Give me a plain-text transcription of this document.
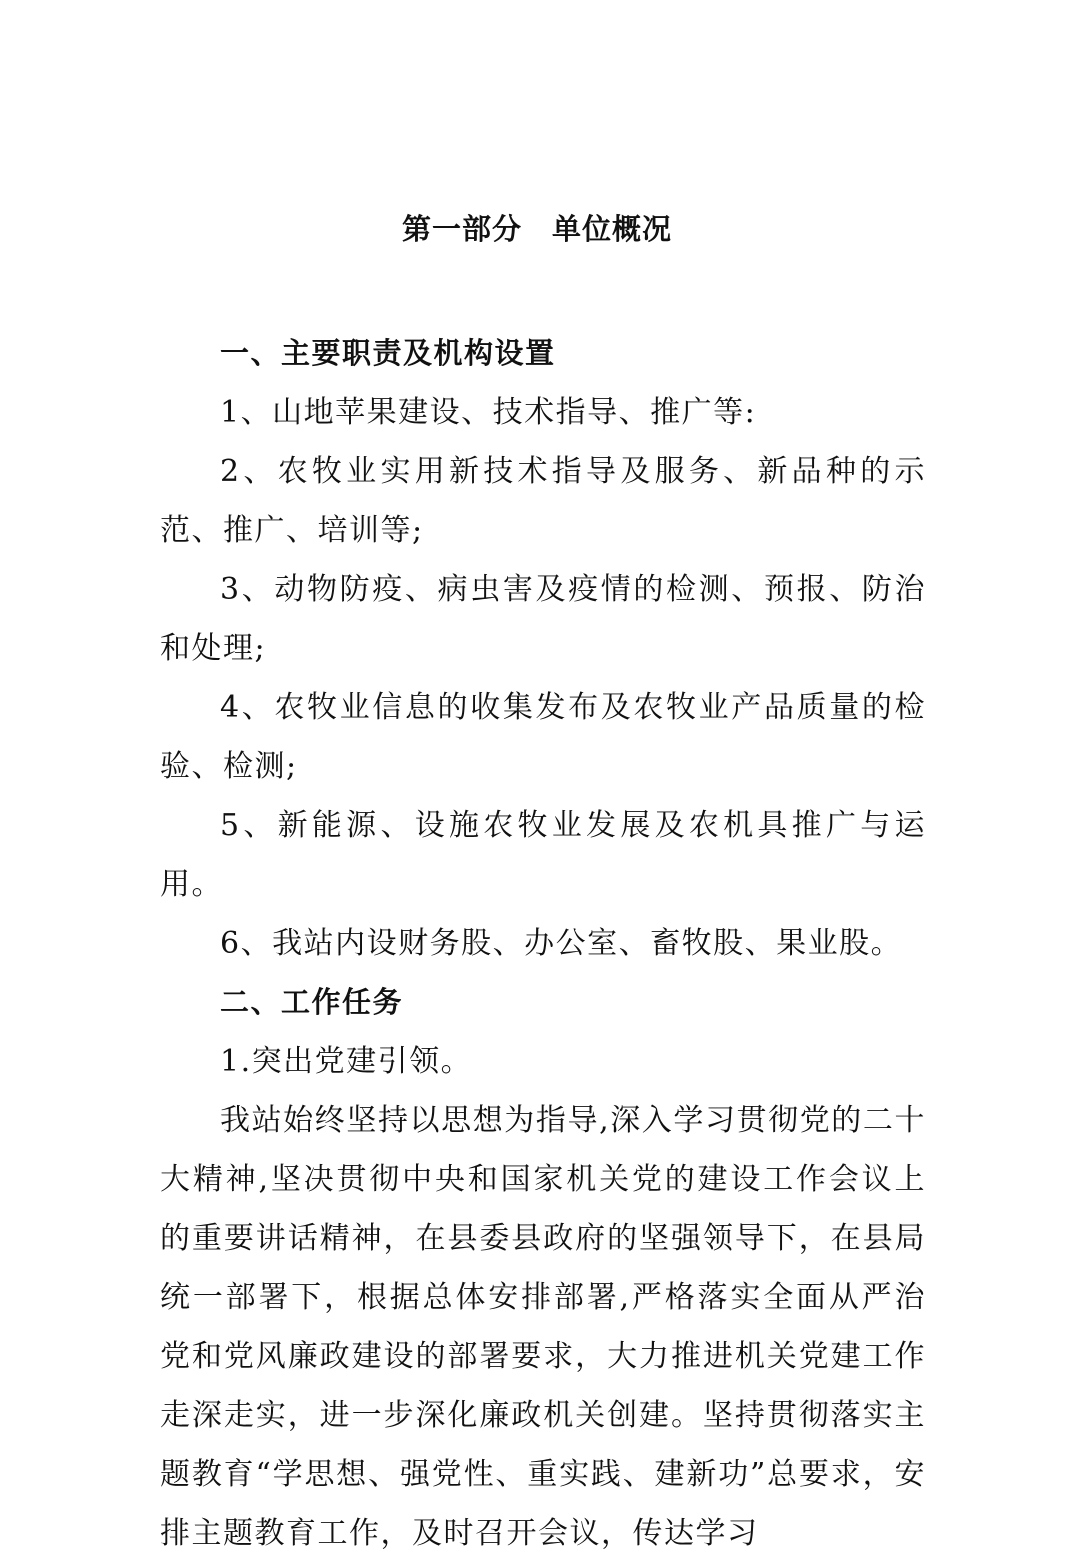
第一部分　单位概况

一、主要职责及机构设置

1、山地苹果建设、技术指导、推广等:

2、农牧业实用新技术指导及服务、新品种的示范、推广、培训等;

3、动物防疫、病虫害及疫情的检测、预报、防治和处理;

4、农牧业信息的收集发布及农牧业产品质量的检验、检测;

5、新能源、设施农牧业发展及农机具推广与运用。

6、我站内设财务股、办公室、畜牧股、果业股。

二、工作任务

1.突出党建引领。

我站始终坚持以思想为指导,深入学习贯彻党的二十大精神,坚决贯彻中央和国家机关党的建设工作会议上的重要讲话精神，在县委县政府的坚强领导下，在县局统一部署下，根据总体安排部署,严格落实全面从严治党和党风廉政建设的部署要求，大力推进机关党建工作走深走实，进一步深化廉政机关创建。坚持贯彻落实主题教育“学思想、强党性、重实践、建新功”总要求，安排主题教育工作，及时召开会议，传达学习
